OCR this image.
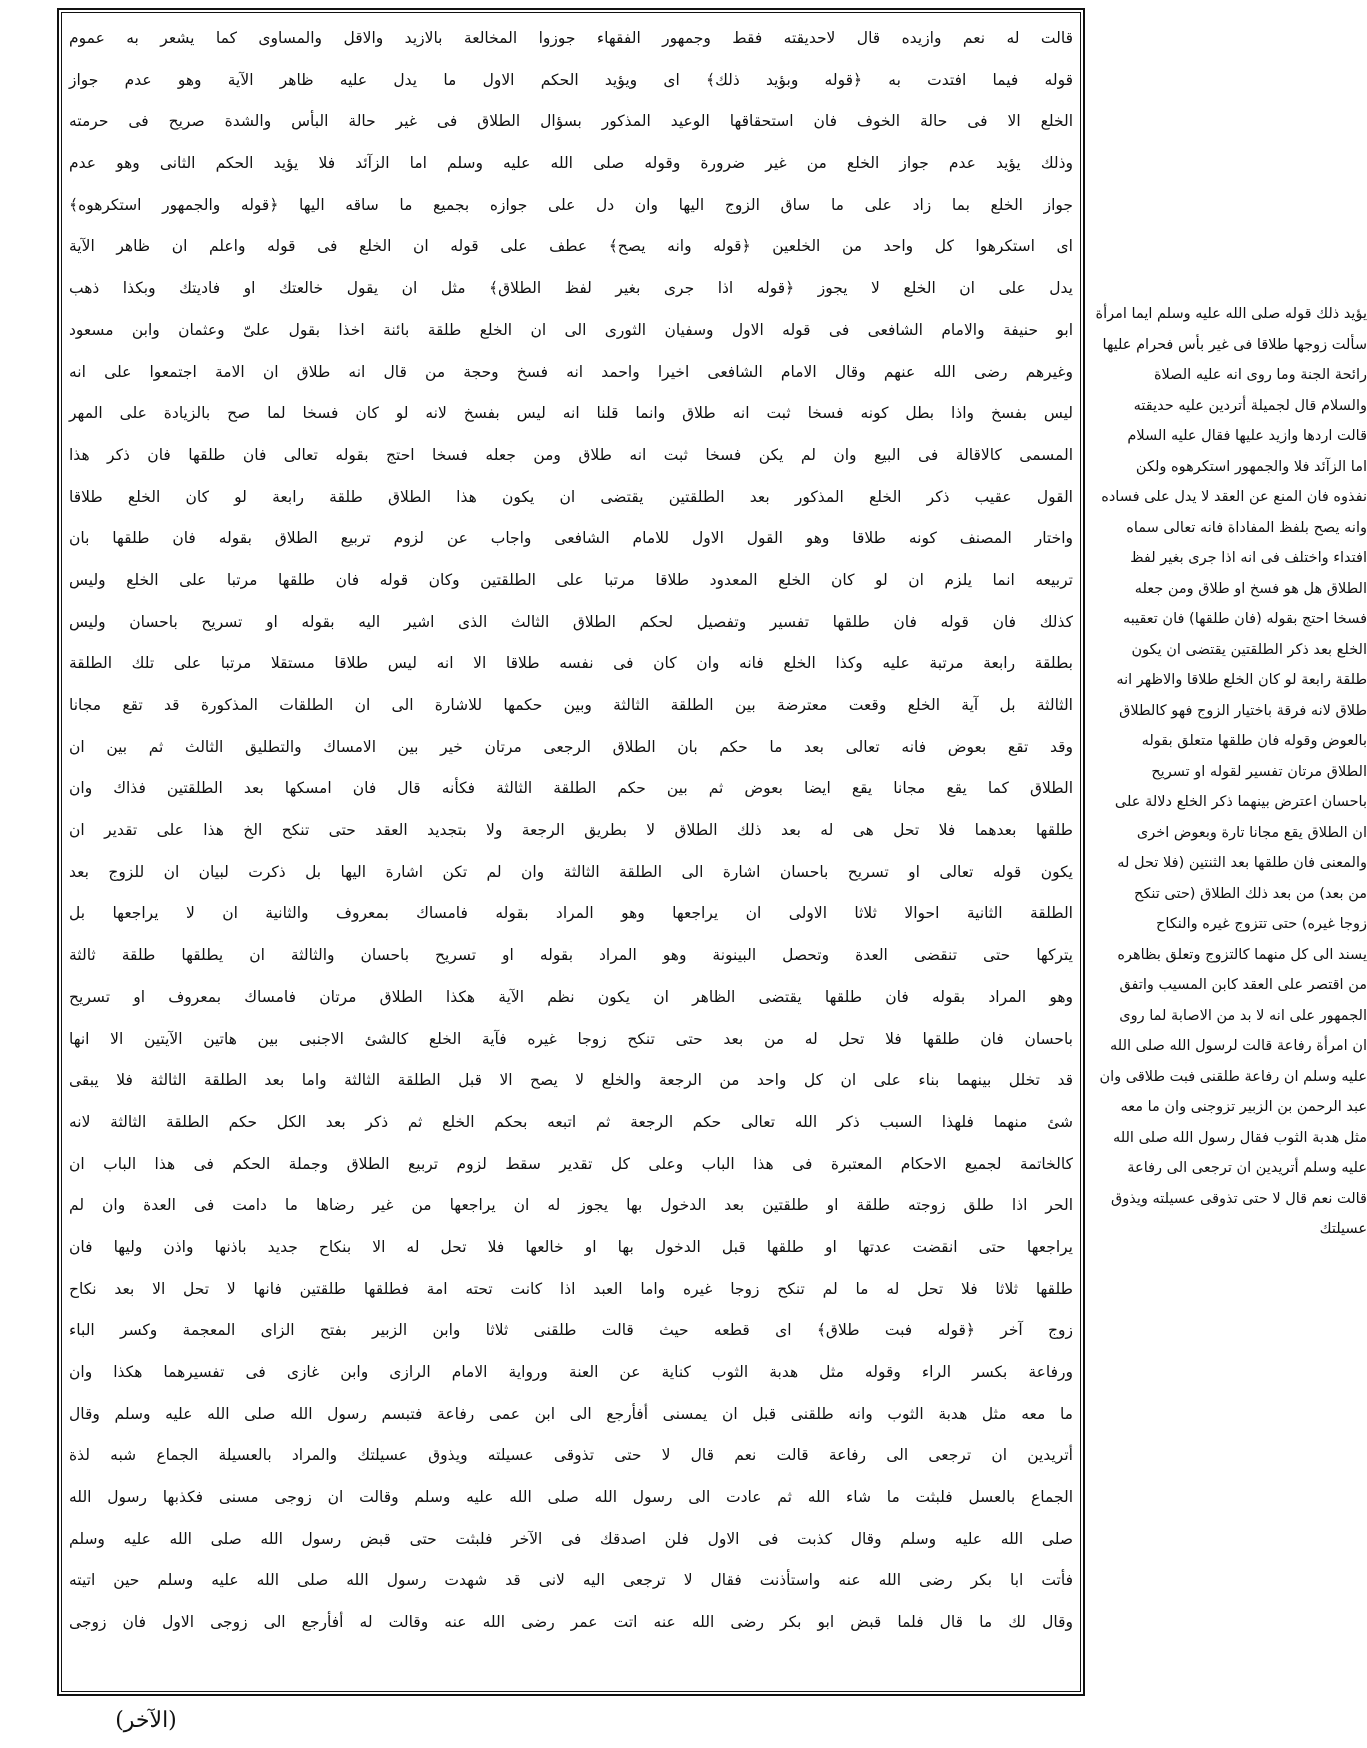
قالت له نعم وازيده قال لاحديقته فقط وجمهور الفقهاء جوزوا المخالعة بالازيد والاقل والمساوى كما يشعر به عموم
قوله فيما افتدت به ﴿قوله وبؤيد ذلك﴾ اى ويؤيد الحكم الاول ما يدل عليه ظاهر الآية وهو عدم جواز
الخلع الا فى حالة الخوف فان استحقاقها الوعيد المذكور بسؤال الطلاق فى غير حالة البأس والشدة صريح فى حرمته
وذلك يؤيد عدم جواز الخلع من غير ضرورة وقوله صلى الله عليه وسلم اما الزآئد فلا يؤيد الحكم الثانى وهو عدم
جواز الخلع بما زاد على ما ساق الزوج اليها وان دل على جوازه بجميع ما ساقه اليها ﴿قوله والجمهور استكرهوه﴾
اى استكرهوا كل واحد من الخلعين ﴿قوله وانه يصح﴾ عطف على قوله ان الخلع فى قوله واعلم ان ظاهر الآية
يدل على ان الخلع لا يجوز ﴿قوله اذا جرى بغير لفظ الطلاق﴾ مثل ان يقول خالعتك او فاديتك وبكذا ذهب
ابو حنيفة والامام الشافعى فى قوله الاول وسفيان الثورى الى ان الخلع طلقة بائنة اخذا بقول علىّ وعثمان وابن مسعود
وغيرهم رضى الله عنهم وقال الامام الشافعى اخيرا واحمد انه فسخ وحجة من قال انه طلاق ان الامة اجتمعوا على انه
ليس بفسخ واذا بطل كونه فسخا ثبت انه طلاق وانما قلنا انه ليس بفسخ لانه لو كان فسخا لما صح بالزيادة على المهر
المسمى كالاقالة فى البيع وان لم يكن فسخا ثبت انه طلاق ومن جعله فسخا احتج بقوله تعالى فان طلقها فان ذكر هذا
القول عقيب ذكر الخلع المذكور بعد الطلقتين يقتضى ان يكون هذا الطلاق طلقة رابعة لو كان الخلع طلاقا
واختار المصنف كونه طلاقا وهو القول الاول للامام الشافعى واجاب عن لزوم تربيع الطلاق بقوله فان طلقها بان
تربيعه انما يلزم ان لو كان الخلع المعدود طلاقا مرتبا على الطلقتين وكان قوله فان طلقها مرتبا على الخلع وليس
كذلك فان قوله فان طلقها تفسير وتفصيل لحكم الطلاق الثالث الذى اشير اليه بقوله او تسريح باحسان وليس
بطلقة رابعة مرتبة عليه وكذا الخلع فانه وان كان فى نفسه طلاقا الا انه ليس طلاقا مستقلا مرتبا على تلك الطلقة
الثالثة بل آية الخلع وقعت معترضة بين الطلقة الثالثة وبين حكمها للاشارة الى ان الطلقات المذكورة قد تقع مجانا
وقد تقع بعوض فانه تعالى بعد ما حكم بان الطلاق الرجعى مرتان خير بين الامساك والتطليق الثالث ثم بين ان
الطلاق كما يقع مجانا يقع ايضا بعوض ثم بين حكم الطلقة الثالثة فكأنه قال فان امسكها بعد الطلقتين فذاك وان
طلقها بعدهما فلا تحل هى له بعد ذلك الطلاق لا بطريق الرجعة ولا بتجديد العقد حتى تنكح الخ هذا على تقدير ان
يكون قوله تعالى او تسريح باحسان اشارة الى الطلقة الثالثة وان لم تكن اشارة اليها بل ذكرت لبيان ان للزوج بعد
الطلقة الثانية احوالا ثلاثا الاولى ان يراجعها وهو المراد بقوله فامساك بمعروف والثانية ان لا يراجعها بل
يتركها حتى تنقضى العدة وتحصل البينونة وهو المراد بقوله او تسريح باحسان والثالثة ان يطلقها طلقة ثالثة
وهو المراد بقوله فان طلقها يقتضى الظاهر ان يكون نظم الآية هكذا الطلاق مرتان فامساك بمعروف او تسريح
باحسان فان طلقها فلا تحل له من بعد حتى تنكح زوجا غيره فآية الخلع كالشئ الاجنبى بين هاتين الآيتين الا انها
قد تخلل بينهما بناء على ان كل واحد من الرجعة والخلع لا يصح الا قبل الطلقة الثالثة واما بعد الطلقة الثالثة فلا يبقى
شئ منهما فلهذا السبب ذكر الله تعالى حكم الرجعة ثم اتبعه بحكم الخلع ثم ذكر بعد الكل حكم الطلقة الثالثة لانه
كالخاتمة لجميع الاحكام المعتبرة فى هذا الباب وعلى كل تقدير سقط لزوم تربيع الطلاق وجملة الحكم فى هذا الباب ان
الحر اذا طلق زوجته طلقة او طلقتين بعد الدخول بها يجوز له ان يراجعها من غير رضاها ما دامت فى العدة وان لم
يراجعها حتى انقضت عدتها او طلقها قبل الدخول بها او خالعها فلا تحل له الا بنكاح جديد باذنها واذن وليها فان
طلقها ثلاثا فلا تحل له ما لم تنكح زوجا غيره واما العبد اذا كانت تحته امة فطلقها طلقتين فانها لا تحل الا بعد نكاح
زوج آخر ﴿قوله فبت طلاق﴾ اى قطعه حيث قالت طلقنى ثلاثا وابن الزبير بفتح الزاى المعجمة وكسر الباء
ورفاعة بكسر الراء وقوله مثل هدبة الثوب كناية عن العنة ورواية الامام الرازى وابن غازى فى تفسيرهما هكذا وان
ما معه مثل هدبة الثوب وانه طلقنى قبل ان يمسنى أفأرجع الى ابن عمى رفاعة فتبسم رسول الله صلى الله عليه وسلم وقال
أتريدين ان ترجعى الى رفاعة قالت نعم قال لا حتى تذوقى عسيلته ويذوق عسيلتك والمراد بالعسيلة الجماع شبه لذة
الجماع بالعسل فلبثت ما شاء الله ثم عادت الى رسول الله صلى الله عليه وسلم وقالت ان زوجى مسنى فكذبها رسول الله
صلى الله عليه وسلم وقال كذبت فى الاول فلن اصدقك فى الآخر فلبثت حتى قبض رسول الله صلى الله عليه وسلم
فأتت ابا بكر رضى الله عنه واستأذنت فقال لا ترجعى اليه لانى قد شهدت رسول الله صلى الله عليه وسلم حين اتيته
وقال لك ما قال فلما قبض ابو بكر رضى الله عنه اتت عمر رضى الله عنه وقالت له أفأرجع الى زوجى الاول فان زوجى
يؤيد ذلك قوله صلى الله عليه وسلم ايما امرأة
سألت زوجها طلاقا فى غير بأس فحرام عليها
رائحة الجنة وما روى انه عليه الصلاة
والسلام قال لجميلة أتردين عليه حديقته
قالت اردها وازيد عليها فقال عليه السلام
اما الزآئد فلا والجمهور استكرهوه ولكن
نفذوه فان المنع عن العقد لا يدل على فساده
وانه يصح بلفظ المفاداة فانه تعالى سماه
افتداء واختلف فى انه اذا جرى بغير لفظ
الطلاق هل هو فسخ او طلاق ومن جعله
فسخا احتج بقوله (فان طلقها) فان تعقيبه
الخلع بعد ذكر الطلقتين يقتضى ان يكون
طلقة رابعة لو كان الخلع طلاقا والاظهر انه
طلاق لانه فرقة باختيار الزوج فهو كالطلاق
بالعوض وقوله فان طلقها متعلق بقوله
الطلاق مرتان تفسير لقوله او تسريح
باحسان اعترض بينهما ذكر الخلع دلالة على
ان الطلاق يقع مجانا تارة وبعوض اخرى
والمعنى فان طلقها بعد الثنتين (فلا تحل له
من بعد) من بعد ذلك الطلاق (حتى تنكح
زوجا غيره) حتى تتزوج غيره والنكاح
يسند الى كل منهما كالتزوج وتعلق بظاهره
من اقتصر على العقد كابن المسيب واتفق
الجمهور على انه لا بد من الاصابة لما روى
ان امرأة رفاعة قالت لرسول الله صلى الله
عليه وسلم ان رفاعة طلقنى فبت طلاقى وان
عبد الرحمن بن الزبير تزوجنى وان ما معه
مثل هدبة الثوب فقال رسول الله صلى الله
عليه وسلم أتريدين ان ترجعى الى رفاعة
قالت نعم قال لا حتى تذوقى عسيلته ويذوق
عسيلتك
(الآخر)
